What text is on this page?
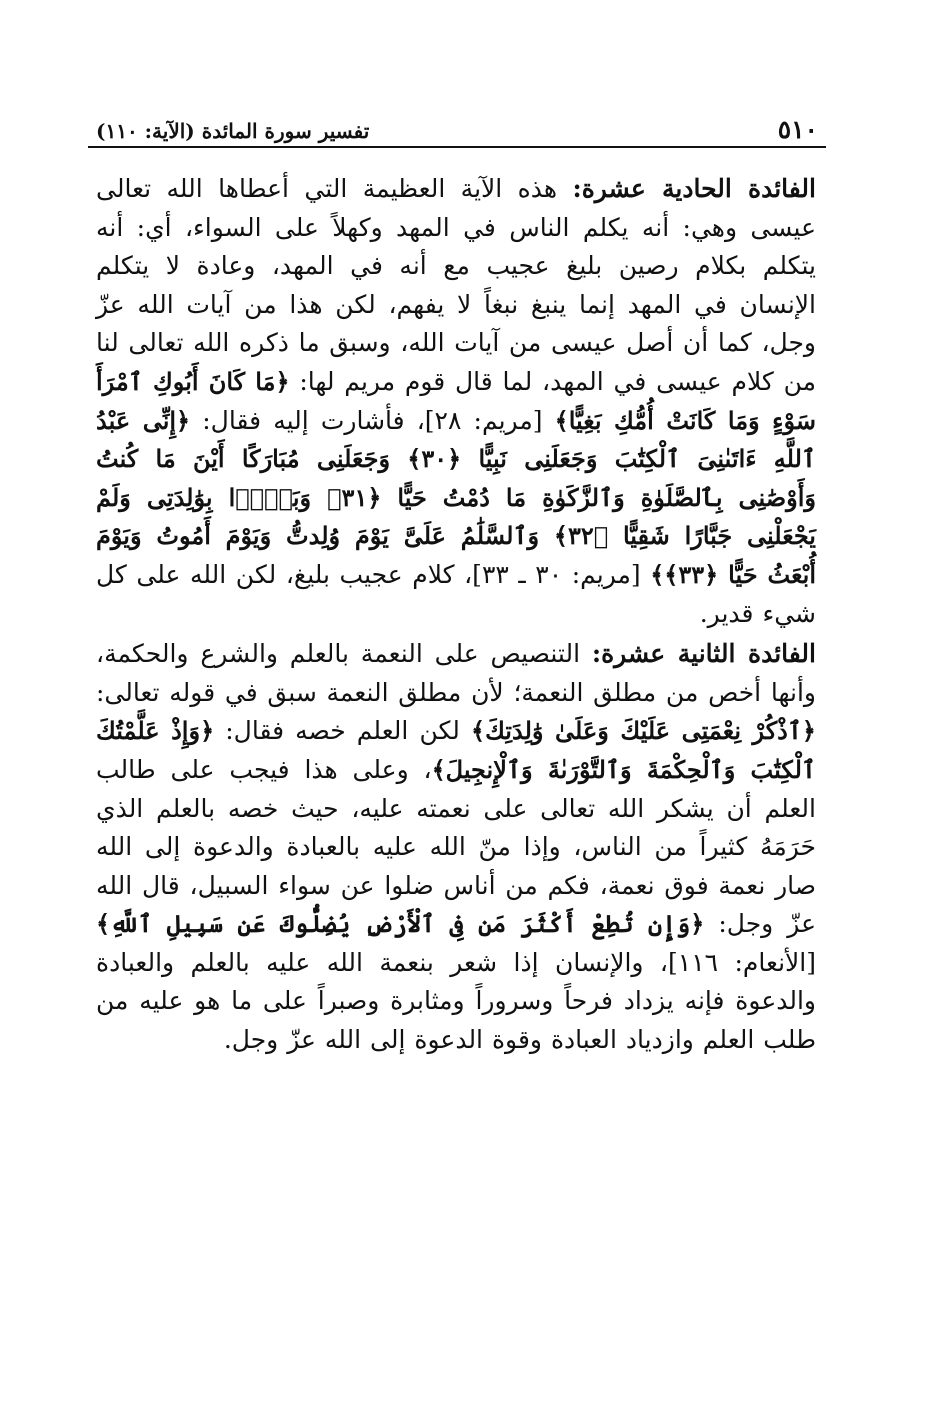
٥١٠
تفسير سورة المائدة (الآية: ١١٠)

الفائدة الحادية عشرة: هذه الآية العظيمة التي أعطاها الله تعالى عيسى وهي: أنه يكلم الناس في المهد وكهلاً على السواء، أي: أنه يتكلم بكلام رصين بليغ عجيب مع أنه في المهد، وعادة لا يتكلم الإنسان في المهد إنما ينبغ نبغاً لا يفهم، لكن هذا من آيات الله عزّ وجل، كما أن أصل عيسى من آيات الله، وسبق ما ذكره الله تعالى لنا من كلام عيسى في المهد، لما قال قوم مريم لها: ﴿مَا كَانَ أَبُوكِ ٱمْرَأَ سَوْءٍ وَمَا كَانَتْ أُمُّكِ بَغِيًّا﴾ [مريم: ٢٨]، فأشارت إليه فقال: ﴿إِنِّى عَبْدُ ٱللَّهِ ءَاتَىٰنِىَ ٱلْكِتَٰبَ وَجَعَلَنِى نَبِيًّا ﴿٣٠﴾ وَجَعَلَنِى مُبَارَكًا أَيْنَ مَا كُنتُ وَأَوْصَٰنِى بِٱلصَّلَوٰةِ وَٱلزَّكَوٰةِ مَا دُمْتُ حَيًّا ﴿٣١﴾ وَبَرًّۢا بِوَٰلِدَتِى وَلَمْ يَجْعَلْنِى جَبَّارًا شَقِيًّا ﴿٣٢﴾ وَٱلسَّلَٰمُ عَلَىَّ يَوْمَ وُلِدتُّ وَيَوْمَ أَمُوتُ وَيَوْمَ أُبْعَثُ حَيًّا ﴿٣٣﴾﴾ [مريم: ٣٠ ـ ٣٣]، كلام عجيب بليغ، لكن الله على كل شيء قدير.

الفائدة الثانية عشرة: التنصيص على النعمة بالعلم والشرع والحكمة، وأنها أخص من مطلق النعمة؛ لأن مطلق النعمة سبق في قوله تعالى: ﴿ٱذْكُرْ نِعْمَتِى عَلَيْكَ وَعَلَىٰ وَٰلِدَتِكَ﴾ لكن العلم خصه فقال: ﴿وَإِذْ عَلَّمْتُكَ ٱلْكِتَٰبَ وَٱلْحِكْمَةَ وَٱلتَّوْرَىٰةَ وَٱلْإِنجِيلَ﴾، وعلى هذا فيجب على طالب العلم أن يشكر الله تعالى على نعمته عليه، حيث خصه بالعلم الذي حَرَمَهُ كثيراً من الناس، وإذا منّ الله عليه بالعبادة والدعوة إلى الله صار نعمة فوق نعمة، فكم من أناس ضلوا عن سواء السبيل، قال الله عزّ وجل: ﴿وَإِن تُطِعْ أَكْثَرَ مَن فِى ٱلْأَرْضِ يُضِلُّوكَ عَن سَبِيلِ ٱللَّهِ﴾ [الأنعام: ١١٦]، والإنسان إذا شعر بنعمة الله عليه بالعلم والعبادة والدعوة فإنه يزداد فرحاً وسروراً ومثابرة وصبراً على ما هو عليه من طلب العلم وازدياد العبادة وقوة الدعوة إلى الله عزّ وجل.
